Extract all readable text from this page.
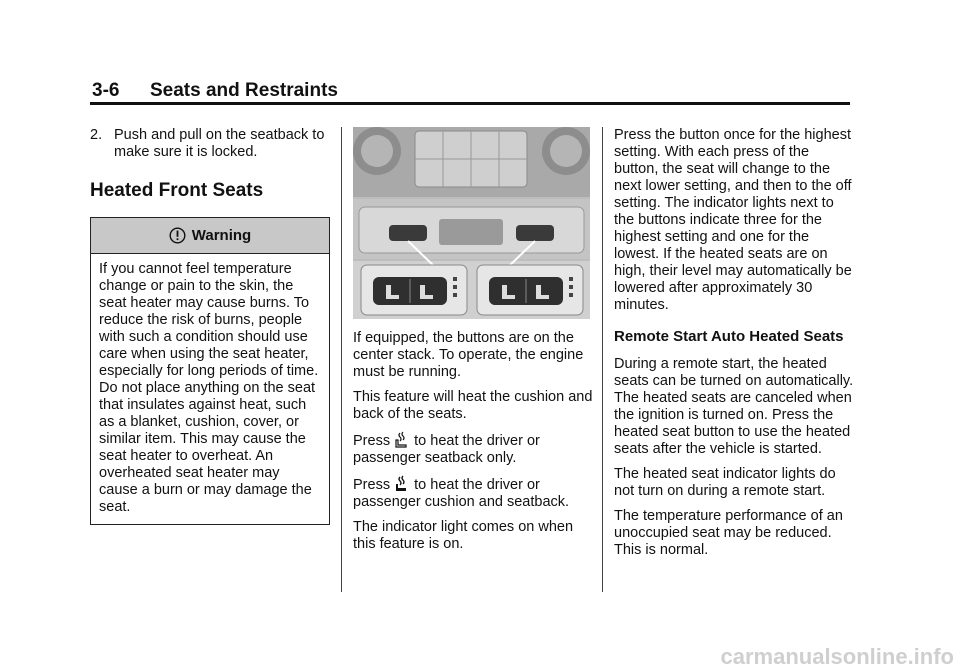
3-6 Seats and Restraints
2. Push and pull on the seatback to make sure it is locked.
Heated Front Seats
Warning
If you cannot feel temperature change or pain to the skin, the seat heater may cause burns. To reduce the risk of burns, people with such a condition should use care when using the seat heater, especially for long periods of time. Do not place anything on the seat that insulates against heat, such as a blanket, cushion, cover, or similar item. This may cause the seat heater to overheat. An overheated seat heater may cause a burn or may damage the seat.

If equipped, the buttons are on the center stack. To operate, the engine must be running.

This feature will heat the cushion and back of the seats.

Press to heat the driver or passenger seatback only.

Press to heat the driver or passenger cushion and seatback.

The indicator light comes on when this feature is on.

Press the button once for the highest setting. With each press of the button, the seat will change to the next lower setting, and then to the off setting. The indicator lights next to the buttons indicate three for the highest setting and one for the lowest. If the heated seats are on high, their level may automatically be lowered after approximately 30 minutes.

Remote Start Auto Heated Seats

During a remote start, the heated seats can be turned on automatically. The heated seats are canceled when the ignition is turned on. Press the heated seat button to use the heated seats after the vehicle is started.

The heated seat indicator lights do not turn on during a remote start.

The temperature performance of an unoccupied seat may be reduced. This is normal.

carmanualsonline.info
